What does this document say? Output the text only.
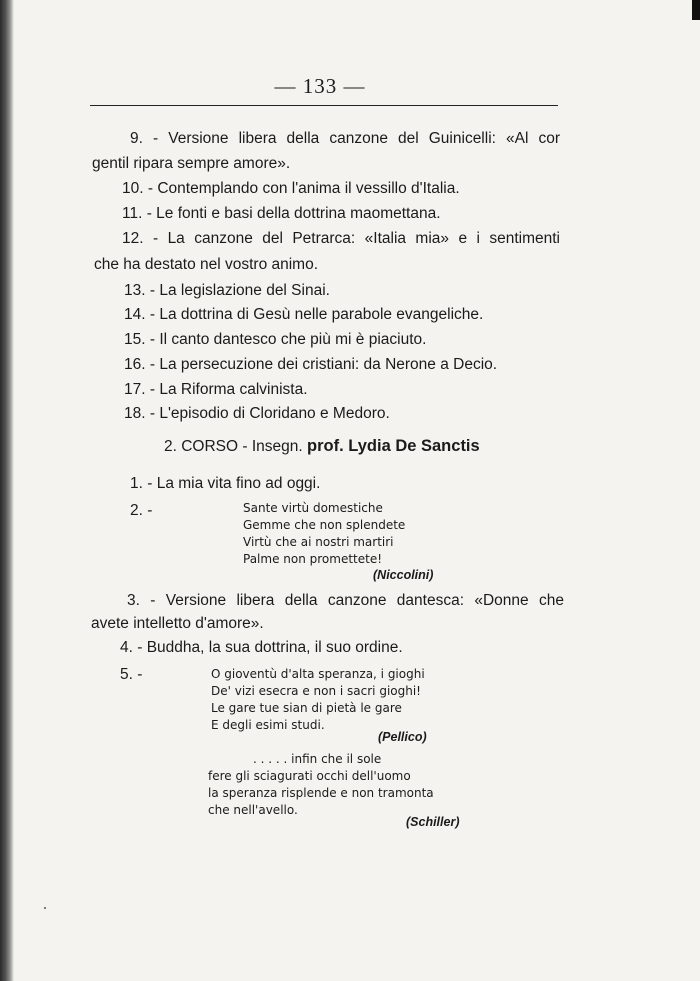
— 133 —
9. - Versione libera della canzone del Guinicelli: «Al cor
gentil ripara sempre amore».
10. - Contemplando con l'anima il vessillo d'Italia.
11. - Le fonti e basi della dottrina maomettana.
12. - La canzone del Petrarca: «Italia mia» e i sentimenti
che ha destato nel vostro animo.
13. - La legislazione del Sinai.
14. - La dottrina di Gesù nelle parabole evangeliche.
15. - Il canto dantesco che più mi è piaciuto.
16. - La persecuzione dei cristiani: da Nerone a Decio.
17. - La Riforma calvinista.
18. - L'episodio di Cloridano e Medoro.
2. CORSO - Insegn. prof. Lydia De Sanctis
1. - La mia vita fino ad oggi.
2. -	Sante virtù domestiche
Gemme che non splendete
Virtù che ai nostri martiri
Palme non promettete!
(Niccolini)
3. - Versione libera della canzone dantesca: «Donne che
avete intelletto d'amore».
4. - Buddha, la sua dottrina, il suo ordine.
5. -	O gioventù d'alta speranza, i gioghi
De' vizi esecra e non i sacri gioghi!
Le gare tue sian di pietà le gare
E degli esimi studi.
(Pellico)
. . . . . infin che il sole
fere gli sciagurati occhi dell'uomo
la speranza risplende e non tramonta
che nell'avello.
(Schiller)
